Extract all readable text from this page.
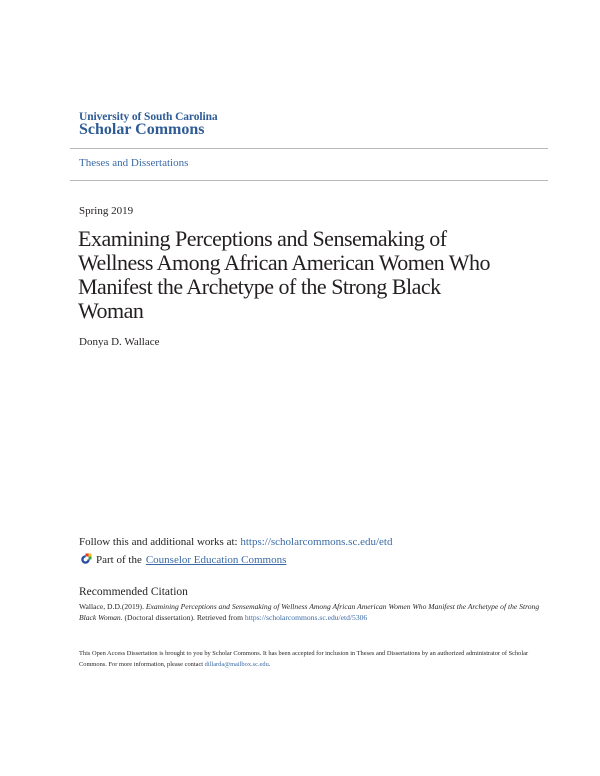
University of South Carolina
Scholar Commons
Theses and Dissertations
Spring 2019
Examining Perceptions and Sensemaking of
Wellness Among African American Women Who
Manifest the Archetype of the Strong Black
Woman
Donya D. Wallace
Follow this and additional works at: https://scholarcommons.sc.edu/etd
Part of the Counselor Education Commons
Recommended Citation
Wallace, D.D.(2019). Examining Perceptions and Sensemaking of Wellness Among African American Women Who Manifest the Archetype of the Strong Black Woman. (Doctoral dissertation). Retrieved from https://scholarcommons.sc.edu/etd/5306
This Open Access Dissertation is brought to you by Scholar Commons. It has been accepted for inclusion in Theses and Dissertations by an authorized administrator of Scholar Commons. For more information, please contact dillarda@mailbox.sc.edu.
